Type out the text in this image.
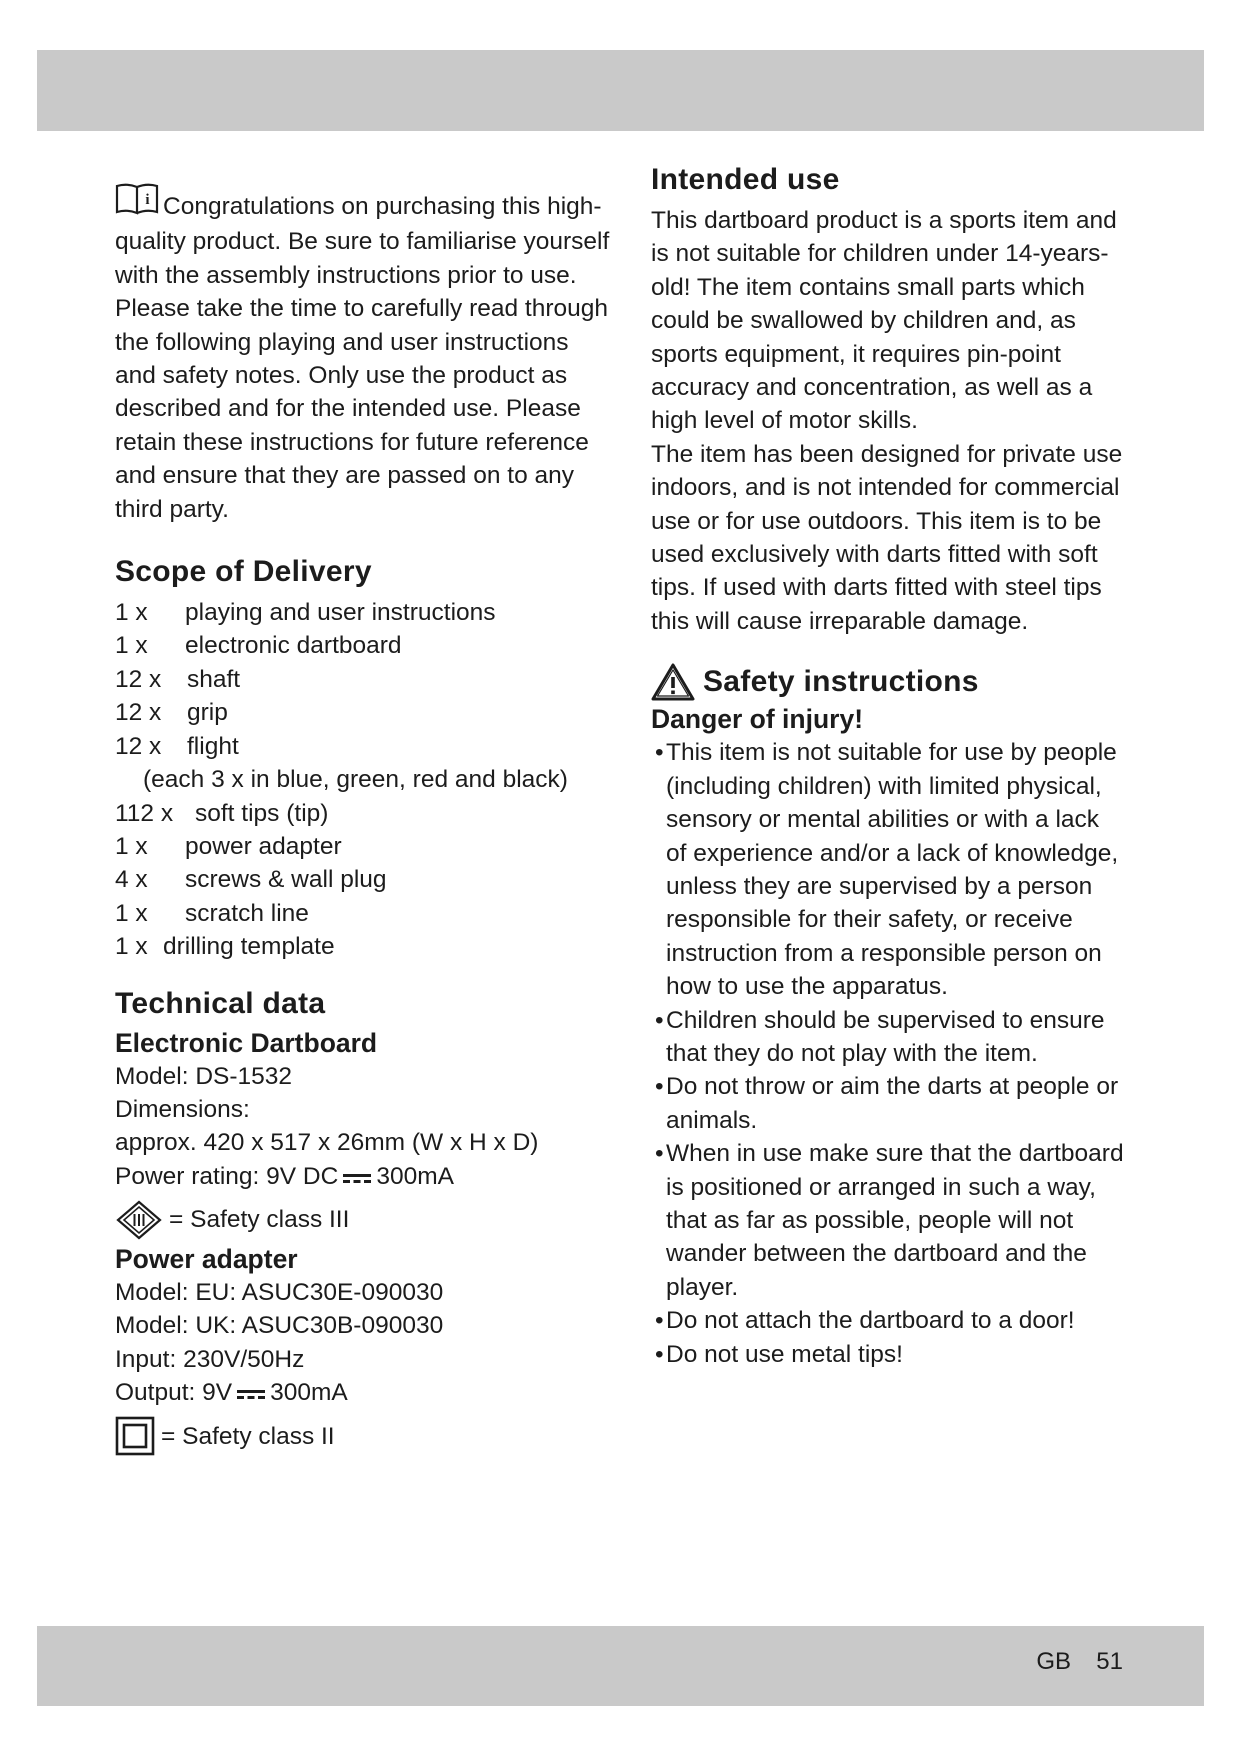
i Congratulations on purchasing this high-quality product. Be sure to familiarise yourself with the assembly instructions prior to use. Please take the time to carefully read through the following playing and user instructions and safety notes. Only use the product as described and for the intended use. Please retain these instructions for future reference and ensure that they are passed on to any third party.

Scope of Delivery
1 x	playing and user instructions
1 x	electronic dartboard
12 x	shaft
12 x	grip
12 x	flight
(each 3 x in blue, green, red and black)
112 x soft tips (tip)
1 x	power adapter
4 x	screws & wall plug
1 x	scratch line
1 x drilling template
Technical data
Electronic Dartboard

Model: DS-1532

Dimensions:

approx. 420 x 517 x 26mm (W x H x D)

Power rating: 9V DC 300mA

= Safety class III
Power adapter

Model: EU: ASUC30E-090030

Model: UK: ASUC30B-090030

Input: 230V/50Hz

Output: 9V 300mA

= Safety class II
Intended use

This dartboard product is a sports item and is not suitable for children under 14-years-old! The item contains small parts which could be swallowed by children and, as sports equipment, it requires pin-point accuracy and concentration, as well as a high level of motor skills.

The item has been designed for private use indoors, and is not intended for commercial use or for use outdoors. This item is to be used exclusively with darts fitted with soft tips. If used with darts fitted with steel tips this will cause irreparable damage.

Safety instructions
Danger of injury!
• This item is not suitable for use by people (including children) with limited physical, sensory or mental abilities or with a lack of experience and/or a lack of knowledge, unless they are supervised by a person responsible for their safety, or receive instruction from a responsible person on how to use the apparatus.
• Children should be supervised to ensure that they do not play with the item.
• Do not throw or aim the darts at people or animals.
• When in use make sure that the dartboard is positioned or arranged in such a way, that as far as possible, people will not wander between the dartboard and the player.
• Do not attach the dartboard to a door!
• Do not use metal tips!
GB 51
